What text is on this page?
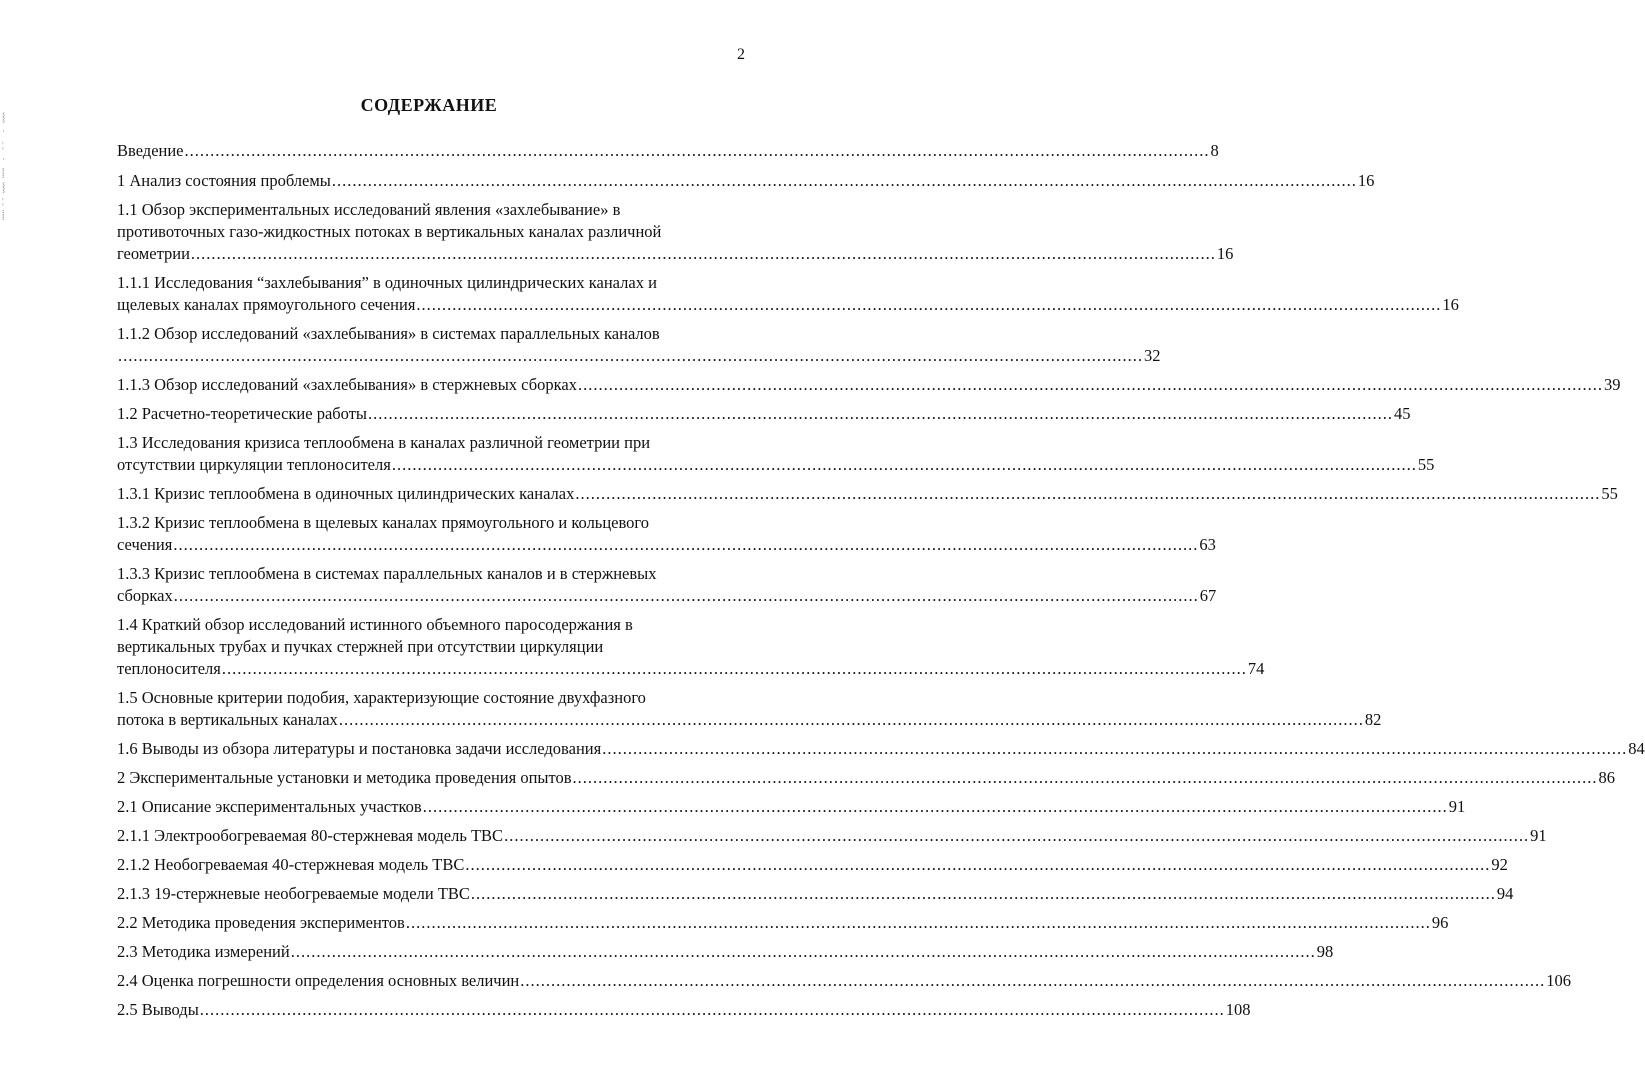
2
СОДЕРЖАНИЕ
⸾
·
¦
·
⸽
⸾
¦
⸽
Введение ........................................................................................................................................................................................................ 8
1 Анализ состояния проблемы ........................................................................................................................................................................................................ 16
1.1 Обзор экспериментальных исследований явления «захлебывание» в
противоточных газо-жидкостных потоках в вертикальных каналах различной
геометрии ........................................................................................................................................................................................................ 16
1.1.1 Исследования “захлебывания” в одиночных цилиндрических каналах и
щелевых каналах прямоугольного сечения ........................................................................................................................................................................................................ 16
1.1.2 Обзор исследований «захлебывания» в системах параллельных каналов
........................................................................................................................................................................................................ 32
1.1.3 Обзор исследований «захлебывания» в стержневых сборках ........................................................................................................................................................................................................ 39
1.2 Расчетно-теоретические работы ........................................................................................................................................................................................................ 45
1.3 Исследования кризиса теплообмена в каналах различной геометрии при
отсутствии циркуляции теплоносителя ........................................................................................................................................................................................................ 55
1.3.1 Кризис теплообмена в одиночных цилиндрических каналах ........................................................................................................................................................................................................ 55
1.3.2 Кризис теплообмена в щелевых каналах прямоугольного и кольцевого
сечения ........................................................................................................................................................................................................ 63
1.3.3 Кризис теплообмена в системах параллельных каналов и в стержневых
сборках ........................................................................................................................................................................................................ 67
1.4 Краткий обзор исследований истинного объемного паросодержания в
вертикальных трубах и пучках стержней при отсутствии циркуляции
теплоносителя ........................................................................................................................................................................................................ 74
1.5 Основные критерии подобия, характеризующие состояние двухфазного
потока в вертикальных каналах ........................................................................................................................................................................................................ 82
1.6 Выводы из обзора литературы и постановка задачи исследования ........................................................................................................................................................................................................ 84
2 Экспериментальные установки и методика проведения опытов ........................................................................................................................................................................................................ 86
2.1 Описание экспериментальных участков ........................................................................................................................................................................................................ 91
2.1.1 Электрообогреваемая 80-стержневая модель ТВС ........................................................................................................................................................................................................ 91
2.1.2 Необогреваемая 40-стержневая модель ТВС ........................................................................................................................................................................................................ 92
2.1.3 19-стержневые необогреваемые модели ТВС ........................................................................................................................................................................................................ 94
2.2 Методика проведения экспериментов ........................................................................................................................................................................................................ 96
2.3 Методика измерений ........................................................................................................................................................................................................ 98
2.4 Оценка погрешности определения основных величин ........................................................................................................................................................................................................ 106
2.5 Выводы ........................................................................................................................................................................................................ 108
